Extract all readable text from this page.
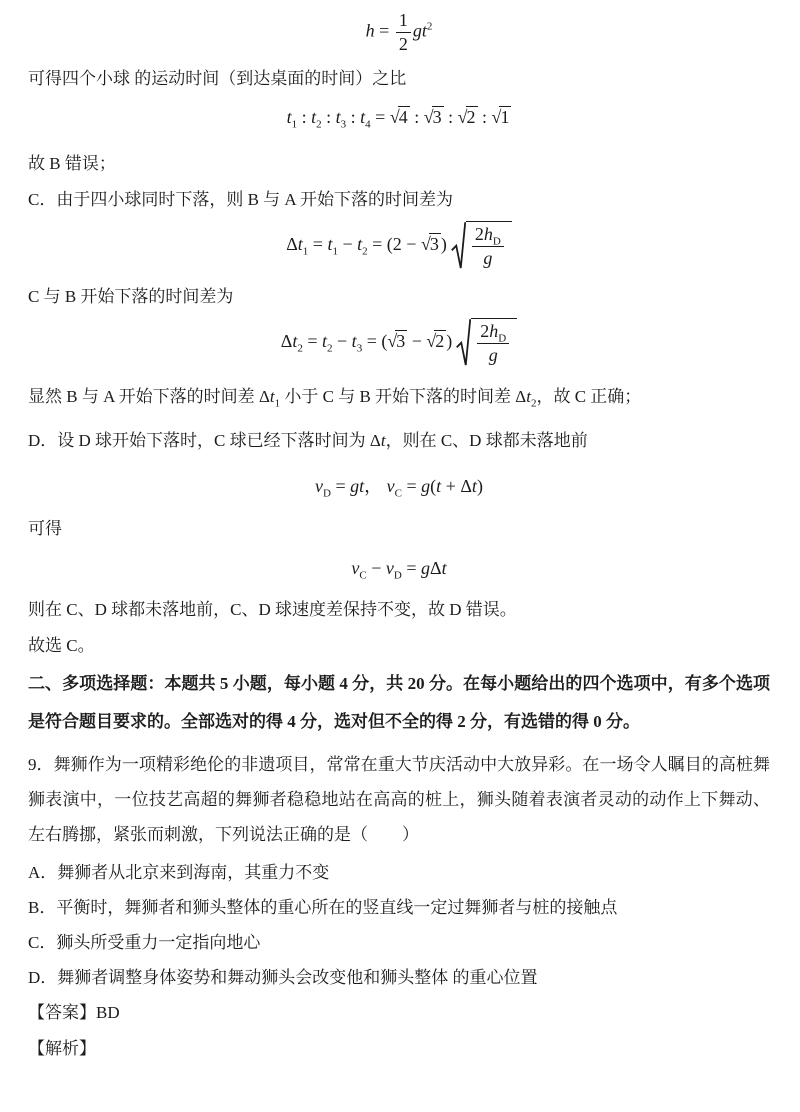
$h = \frac{1}{2} gt^2$

可得四个小球 的运动时间（到达桌面的时间）之比

$t_1$ : $t_2$ : $t_3$ : $t_4 = √4$ : √3 : √2 : √1

故 B 错误；

C．由于四小球同时下落，则 B 与 A 开始下落的时间差为

$\Delta t_1 = t_1 - t_2 = (2 - √3$ ) $\frac{2h_D}{g}$

C 与 B 开始下落的时间差为

$\Delta t_2 = t_2 - t_3 = (√3 - √2$ ) $\frac{2h_D}{g}$

显然 B 与 A 开始下落的时间差 $\Delta t_1$ 小于 C 与 B 开始下落的时间差 $\Delta t_2$，故 C 正确；

D．设 D 球开始下落时，C 球已经下落时间为 Δt，则在 C、D 球都未落地前

$v_D$ = gt， $v_C = g(t + \Delta t)$

可得

$v_C - v_D = g\Delta t$

则在 C、D 球都未落地前，C、D 球速度差保持不变，故 D 错误。

故选 C。

二、多项选择题：本题共 5 小题，每小题 4 分，共 20 分。在每小题给出的四个选项中，有多个选项是符合题目要求的。全部选对的得 4 分，选对但不全的得 2 分，有选错的得 0 分。

9．舞狮作为一项精彩绝伦的非遗项目，常常在重大节庆活动中大放异彩。在一场令人瞩目的高桩舞狮表演中，一位技艺高超的舞狮者稳稳地站在高高的桩上，狮头随着表演者灵动的动作上下舞动、左右腾挪，紧张而刺激，下列说法正确的是（　　）

A．舞狮者从北京来到海南，其重力不变

B．平衡时，舞狮者和狮头整体的重心所在的竖直线一定过舞狮者与桩的接触点

C．狮头所受重力一定指向地心

D．舞狮者调整身体姿势和舞动狮头会改变他和狮头整体 的重心位置

【答案】BD

【解析】
